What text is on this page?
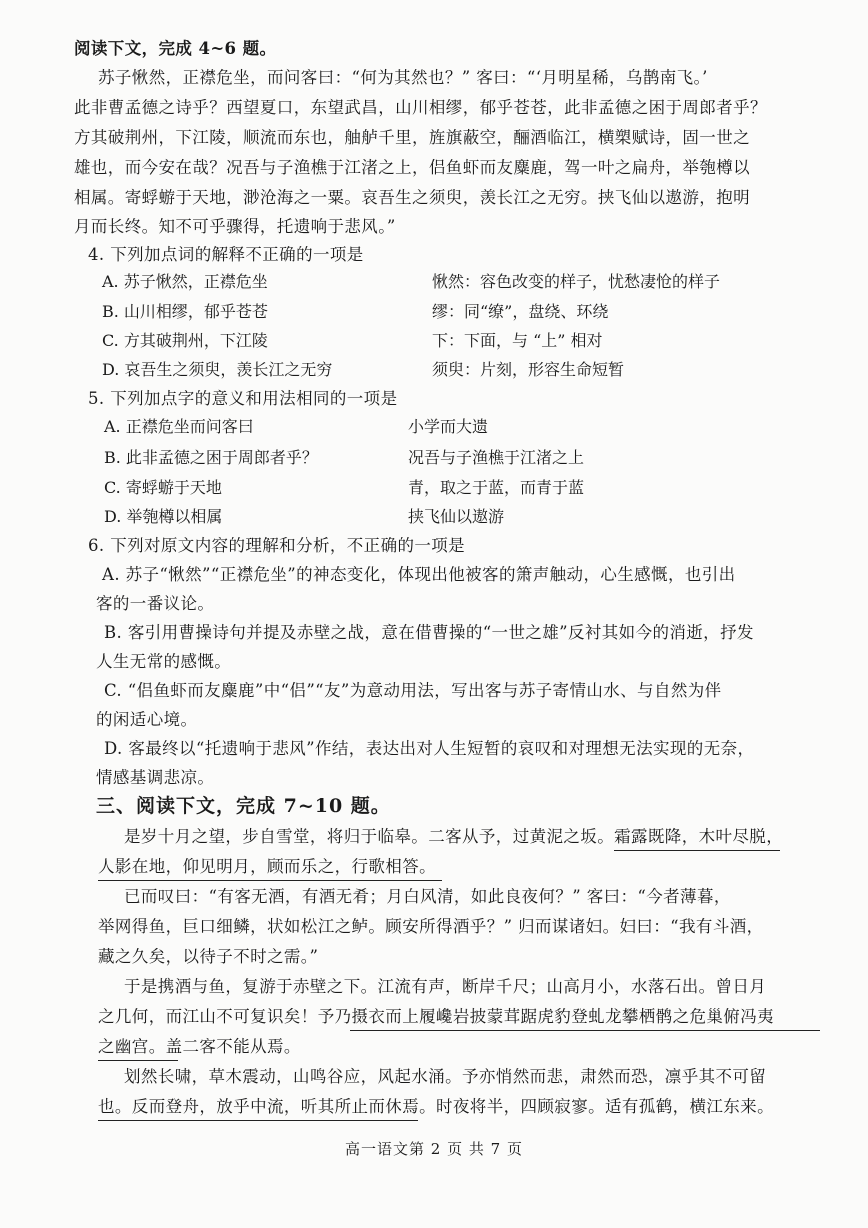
阅读下文，完成 4~6 题。
苏子愀然，正襟危坐，而问客曰：“何为其然也？” 客曰：“‘月明星稀，乌鹊南飞。’
此非曹孟德之诗乎？西望夏口，东望武昌，山川相缪，郁乎苍苍，此非孟德之困于周郎者乎？
方其破荆州，下江陵，顺流而东也，舳舻千里，旌旗蔽空，酾酒临江，横槊赋诗，固一世之
雄也，而今安在哉？况吾与子渔樵于江渚之上，侣鱼虾而友麋鹿，驾一叶之扁舟，举匏樽以
相属。寄蜉蝣于天地，渺沧海之一粟。哀吾生之须臾，羡长江之无穷。挟飞仙以遨游，抱明
月而长终。知不可乎骤得，托遗响于悲风。”
4. 下列加点词的解释不正确的一项是
A. 苏子愀然，正襟危坐	愀然：容色改变的样子，忧愁凄怆的样子
B. 山川相缪，郁乎苍苍	缪：同“缭”，盘绕、环绕
C. 方其破荆州，下江陵	下：下面，与 “上” 相对
D. 哀吾生之须臾，羡长江之无穷	须臾：片刻，形容生命短暂
5. 下列加点字的意义和用法相同的一项是
A. 正襟危坐而问客曰	小学而大遗
B. 此非孟德之困于周郎者乎？	况吾与子渔樵于江渚之上
C. 寄蜉蝣于天地	青，取之于蓝，而青于蓝
D. 举匏樽以相属	挟飞仙以遨游
6. 下列对原文内容的理解和分析，不正确的一项是
A. 苏子“愀然”“正襟危坐”的神态变化，体现出他被客的箫声触动，心生感慨，也引出
客的一番议论。
B. 客引用曹操诗句并提及赤壁之战，意在借曹操的“一世之雄”反衬其如今的消逝，抒发
人生无常的感慨。
C. “侣鱼虾而友麋鹿”中“侣”“友”为意动用法，写出客与苏子寄情山水、与自然为伴
的闲适心境。
D. 客最终以“托遗响于悲风”作结，表达出对人生短暂的哀叹和对理想无法实现的无奈，
情感基调悲凉。
三、阅读下文，完成 7~10 题。
是岁十月之望，步自雪堂，将归于临皋。二客从予，过黄泥之坂。霜露既降，木叶尽脱，
人影在地，仰见明月，顾而乐之，行歌相答。
已而叹曰：“有客无酒，有酒无肴；月白风清，如此良夜何？” 客曰：“今者薄暮，
举网得鱼，巨口细鳞，状如松江之鲈。顾安所得酒乎？” 归而谋诸妇。妇曰：“我有斗酒，
藏之久矣，以待子不时之需。”
于是携酒与鱼，复游于赤壁之下。江流有声，断岸千尺；山高月小，水落石出。曾日月
之几何，而江山不可复识矣！予乃摄衣而上履巉岩披蒙茸踞虎豹登虬龙攀栖鹘之危巢俯冯夷
之幽宫。盖二客不能从焉。
划然长啸，草木震动，山鸣谷应，风起水涌。予亦悄然而悲，肃然而恐，凛乎其不可留
也。反而登舟，放乎中流，听其所止而休焉。时夜将半，四顾寂寥。适有孤鹤，横江东来。
高一语文第 2 页 共 7 页
